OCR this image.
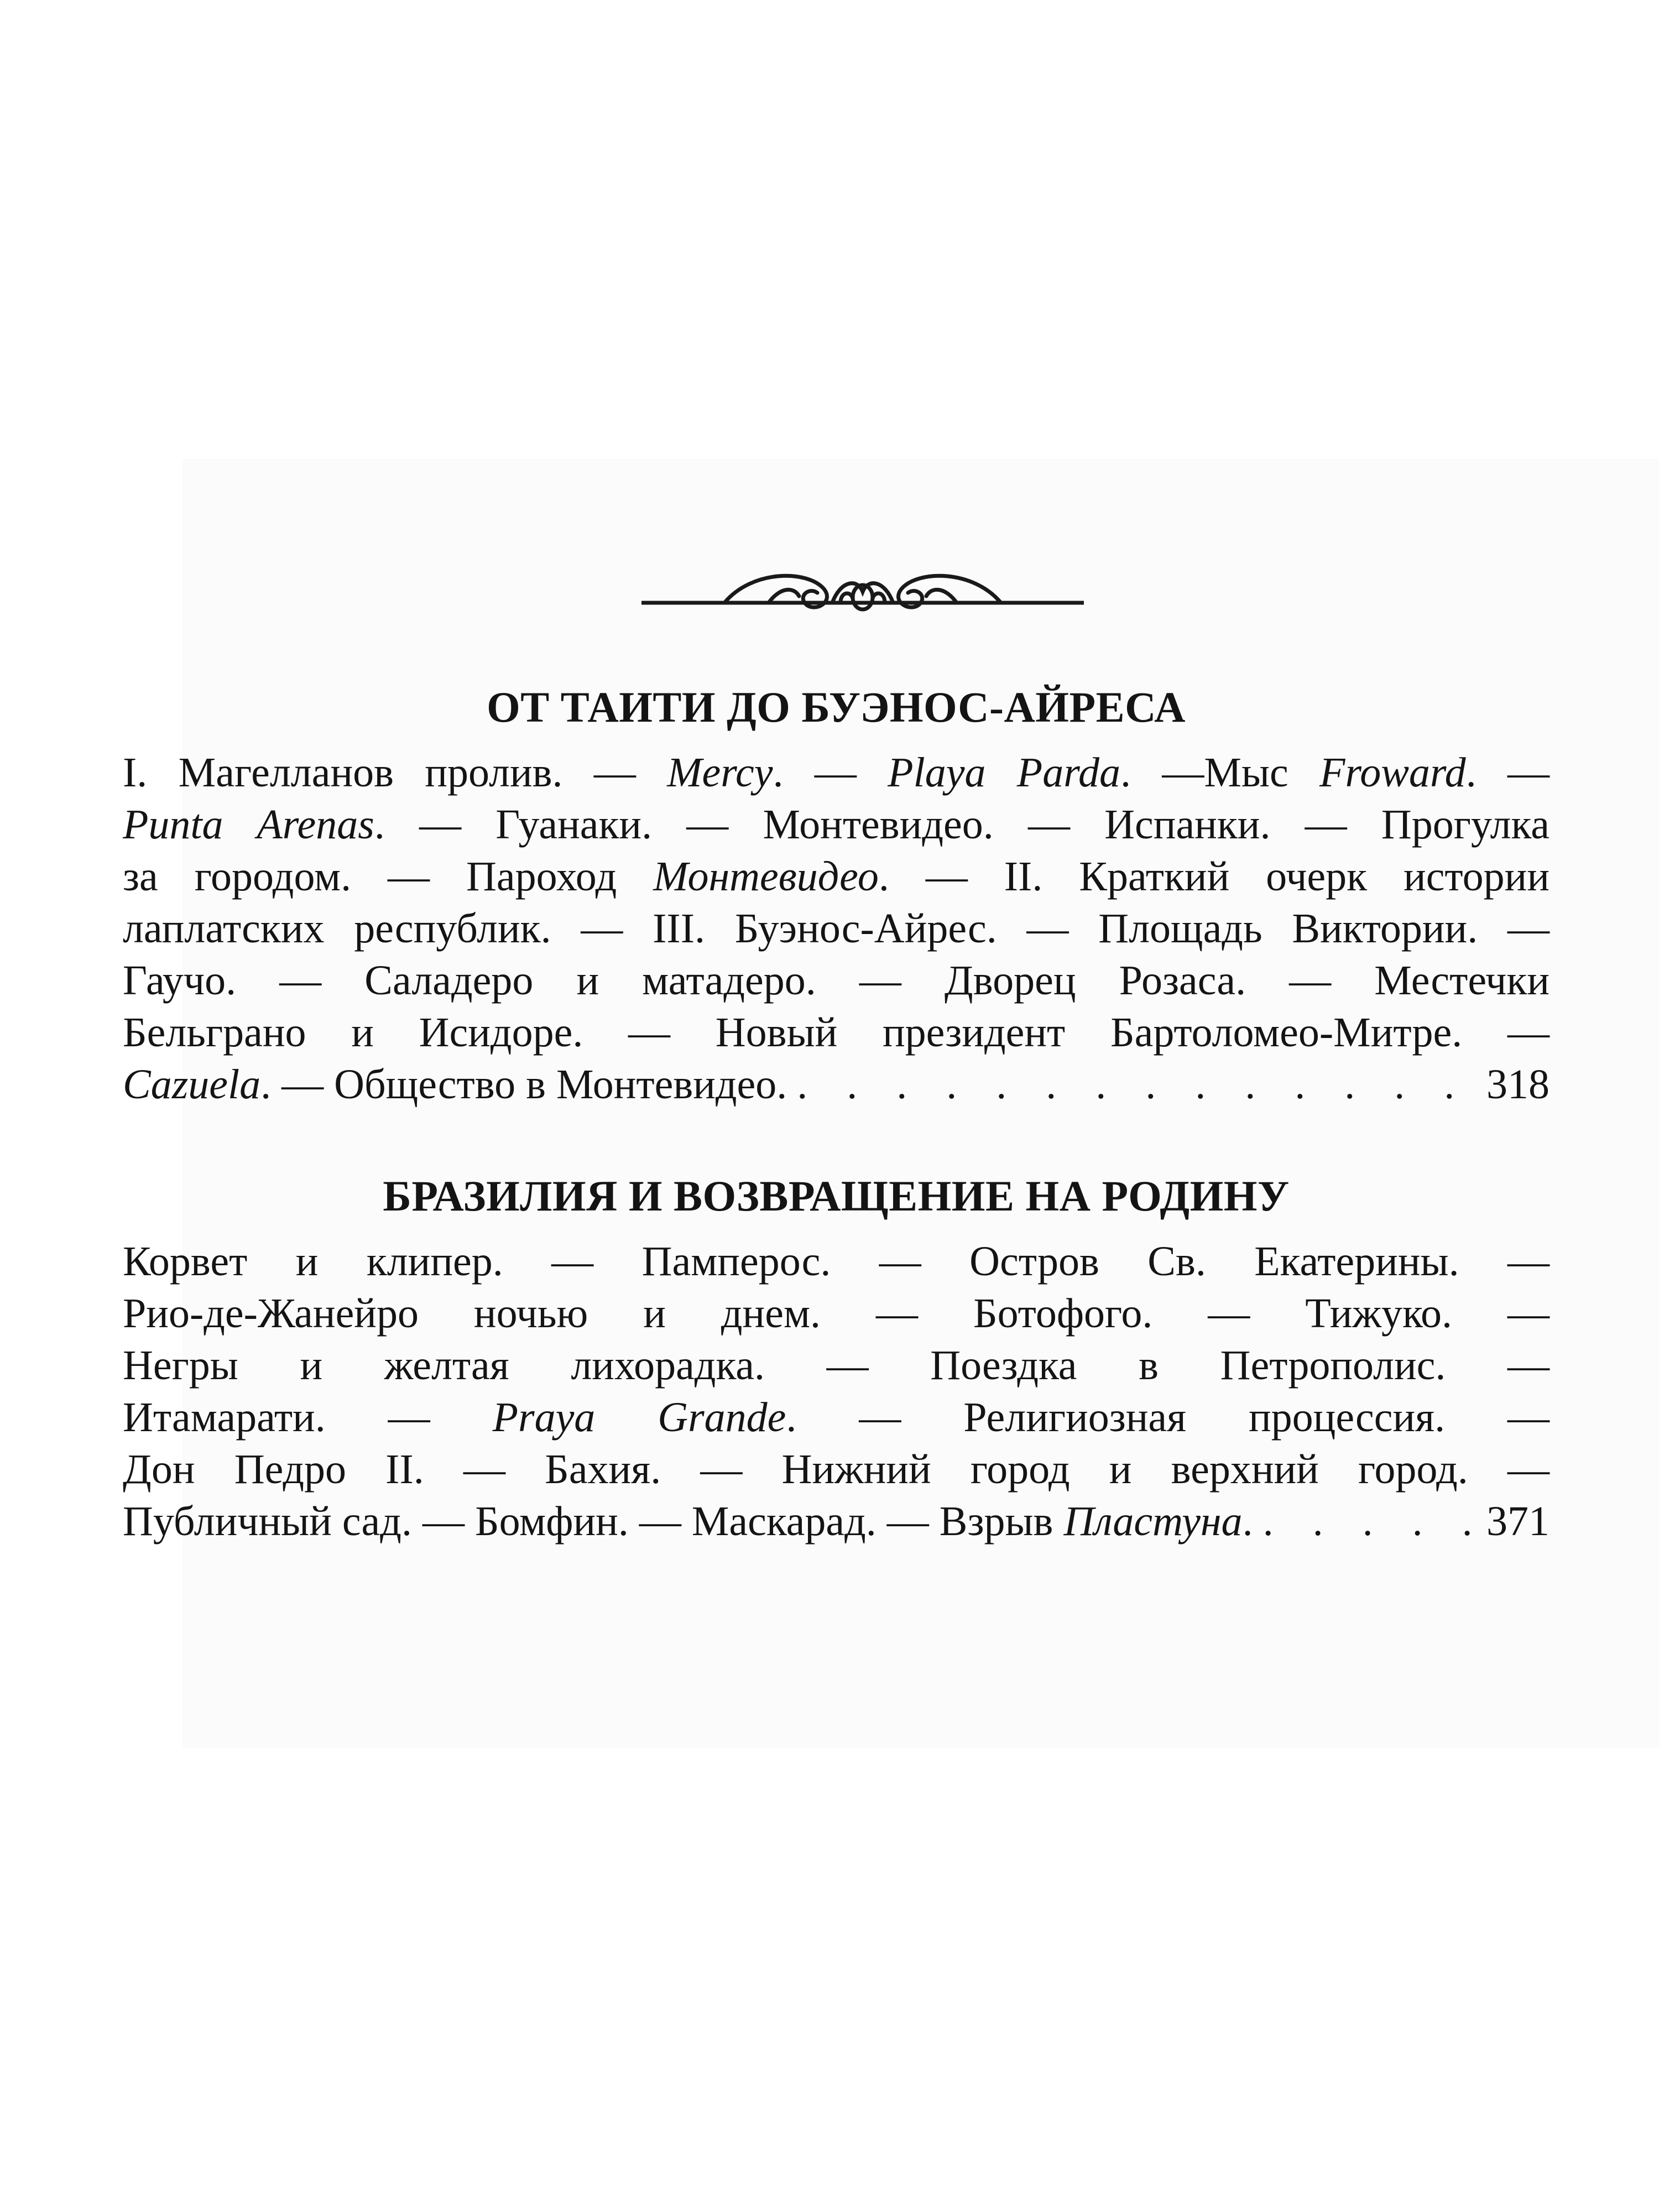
ОТ ТАИТИ ДО БУЭНОС-АЙРЕСА
I. Магелланов пролив. — Mercy. — Playa Parda. —Мыс Froward. —
Punta Arenas. — Гуанаки. — Монтевидео. — Испанки. — Прогулка
за городом. — Пароход Монтевидео. — II. Краткий очерк истории
лаплатских республик. — III. Буэнос-Айрес. — Площадь Виктории. —
Гаучо. — Саладеро и матадеро. — Дворец Розаса. — Местечки
Бельграно и Исидоре. — Новый президент Бартоломео-Митре. —
Cazuela. — Общество в Монтевидео. . . .	318
БРАЗИЛИЯ И ВОЗВРАЩЕНИЕ НА РОДИНУ
Корвет и клипер. — Памперос. — Остров Св. Екатерины. —
Рио-де-Жанейро ночью и днем. — Ботофого. — Тижуко. —
Негры и желтая лихорадка. — Поездка в Петрополис. —
Итамарати. — Praya Grande. — Религиозная процессия. —
Дон Педро II. — Бахия. — Нижний город и верхний город. —
Публичный сад. — Бомфин. — Маскарад. — Взрыв Пластуна. . . .	371
